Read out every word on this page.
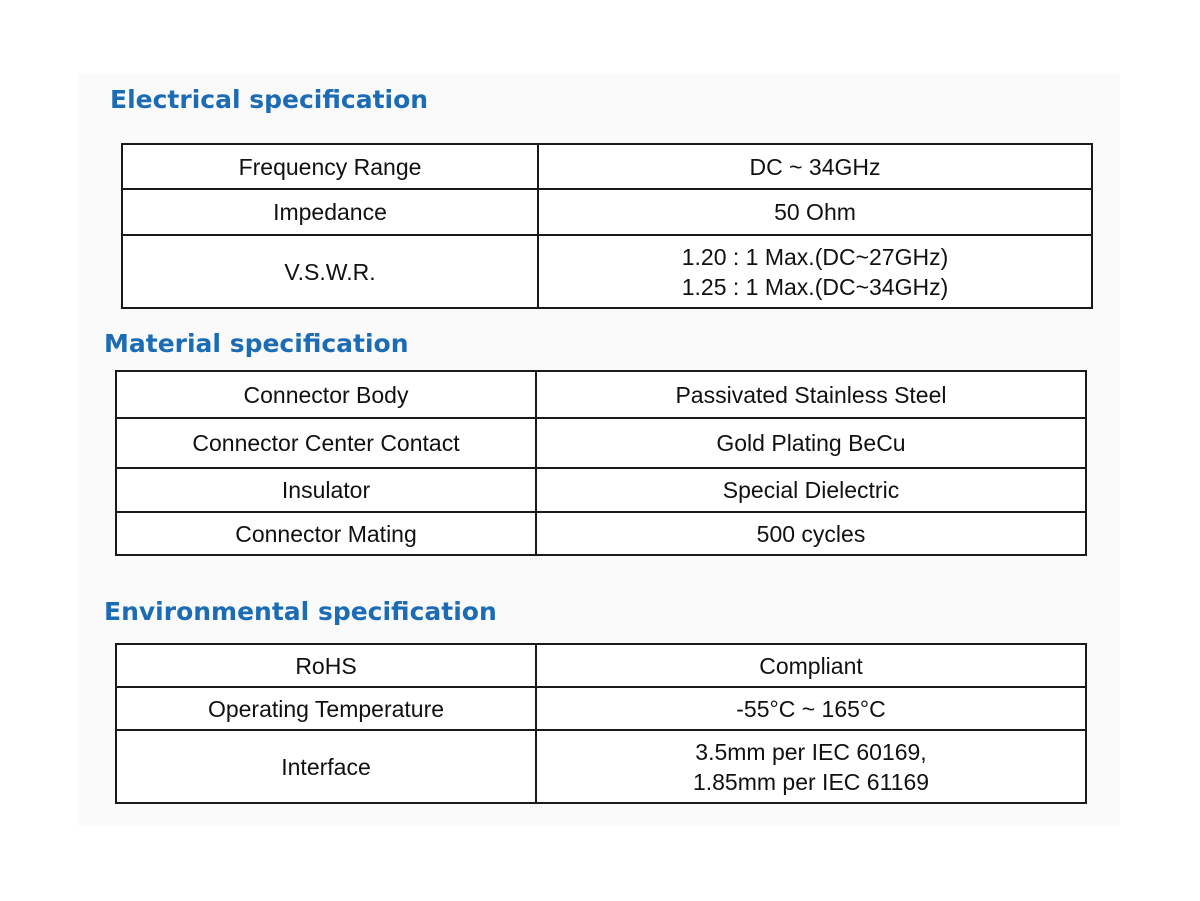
Electrical specification
Frequency Range	DC ~ 34GHz

Impedance	50 Ohm

V.S.W.R.	1.20 : 1 Max.(DC~27GHz)
1.25 : 1 Max.(DC~34GHz)
Material specification
Connector Body	Passivated Stainless Steel

Connector Center Contact	Gold Plating BeCu

Insulator	Special Dielectric

Connector Mating	500 cycles
Environmental specification
RoHS	Compliant

Operating Temperature	-55°C ~ 165°C

Interface	3.5mm per IEC 60169,
1.85mm per IEC 61169
